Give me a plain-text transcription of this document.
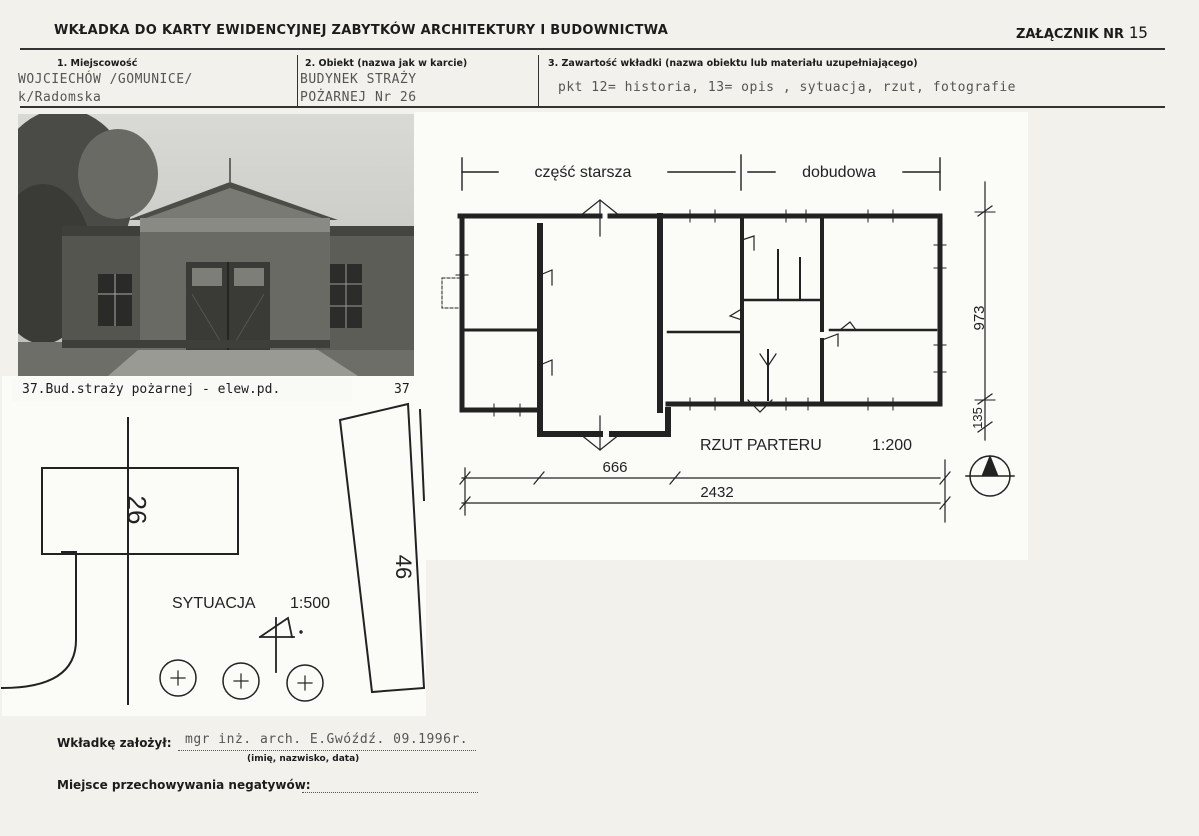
WKŁADKA DO KARTY EWIDENCYJNEJ ZABYTKÓW ARCHITEKTURY I BUDOWNICTWA	ZAŁĄCZNIK NR 15
1. Miejscowość
WOJCIECHÓW /GOMUNICE/
k/Radomska
2. Obiekt (nazwa jak w karcie)
BUDYNEK STRAŻY
POŻARNEJ Nr 26
3. Zawartość wkładki (nazwa obiektu lub materiału uzupełniającego)
pkt 12= historia, 13= opis , sytuacja, rzut, fotografie
37.Bud.straży pożarnej - elew.pd.	37
część starsza	dobudowa
RZUT PARTERU	1:200
666
2432
973
135
26
46
SYTUACJA 1:500
Wkładkę założył: mgr inż. arch. E.Gwóźdź. 09.1996r.
(imię, nazwisko, data)
Miejsce przechowywania negatywów:
